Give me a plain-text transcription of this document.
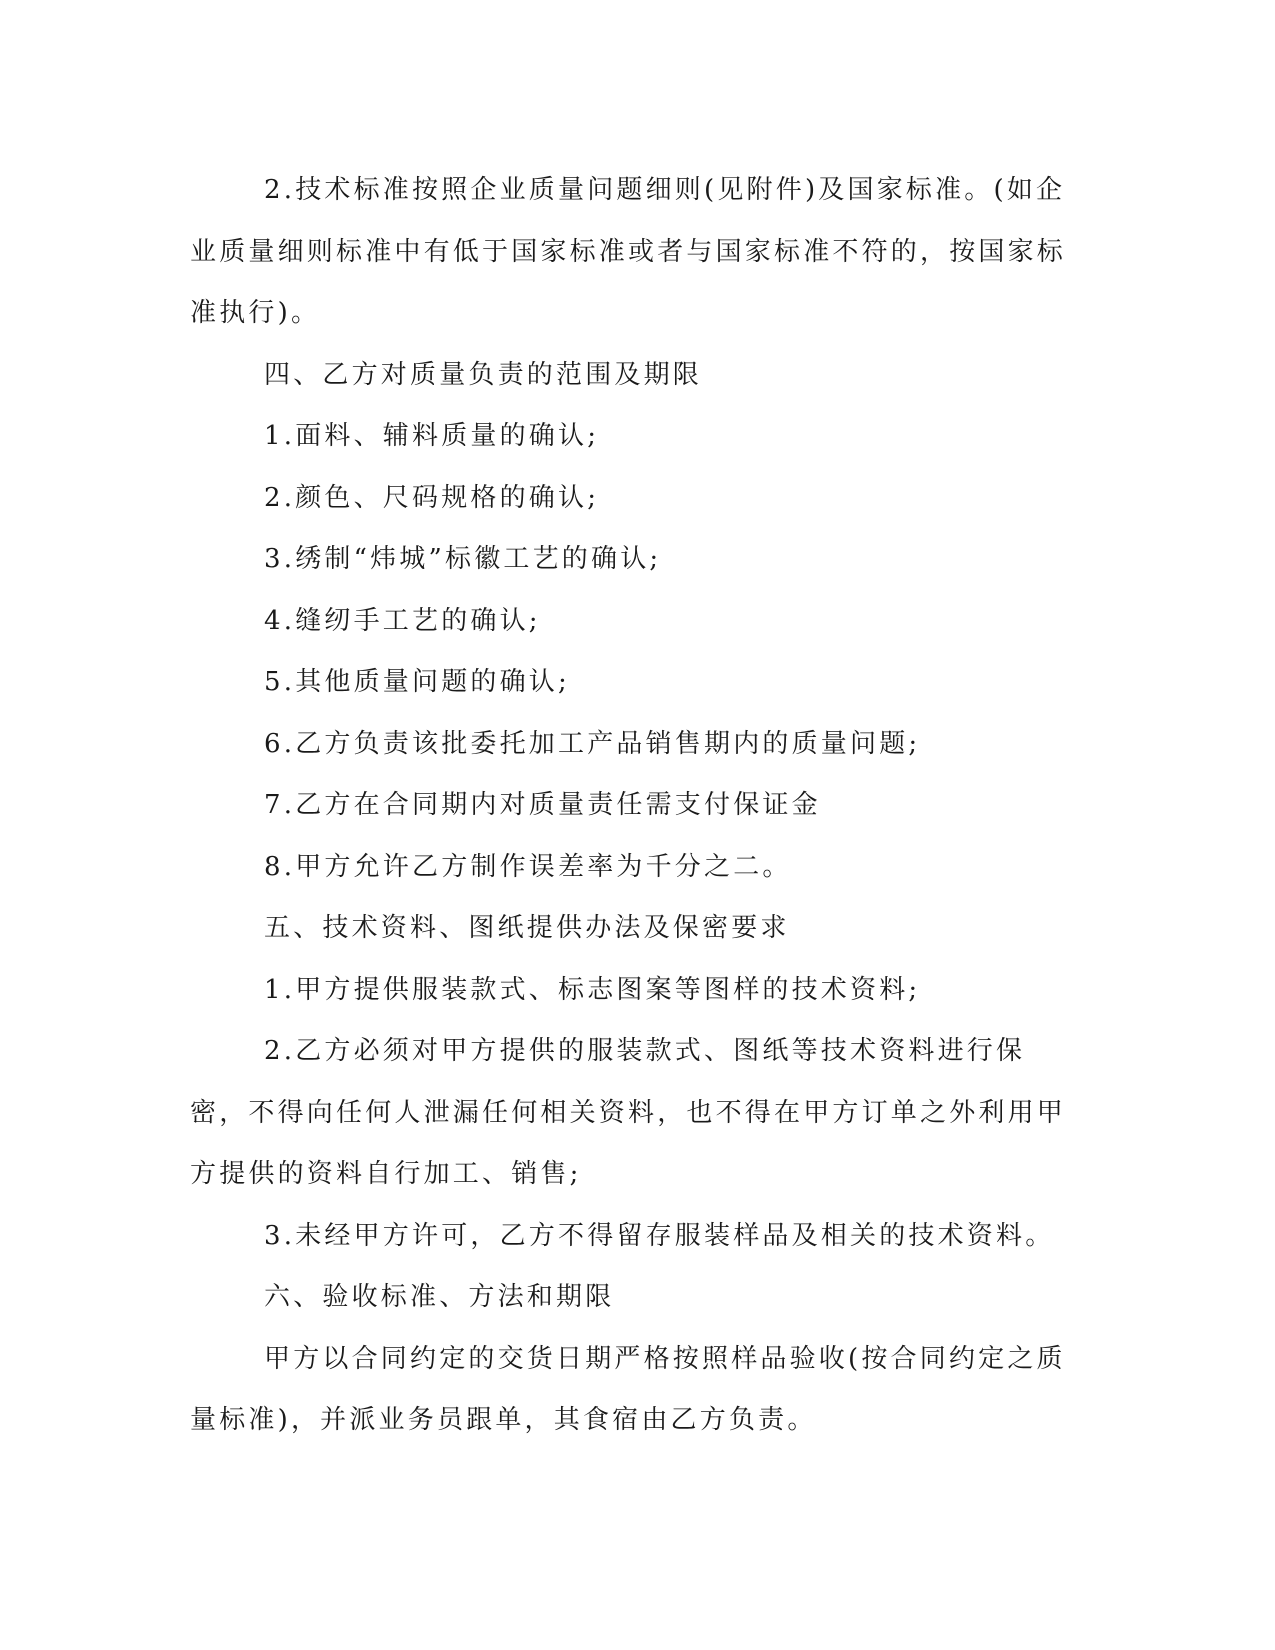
2.技术标准按照企业质量问题细则(见附件)及国家标准。(如企业质量细则标准中有低于国家标准或者与国家标准不符的，按国家标准执行)。

四、乙方对质量负责的范围及期限

1.面料、辅料质量的确认;

2.颜色、尺码规格的确认;

3.绣制“炜城”标徽工艺的确认;

4.缝纫手工艺的确认;

5.其他质量问题的确认;

6.乙方负责该批委托加工产品销售期内的质量问题;

7.乙方在合同期内对质量责任需支付保证金

8.甲方允许乙方制作误差率为千分之二。

五、技术资料、图纸提供办法及保密要求

1.甲方提供服装款式、标志图案等图样的技术资料;

2.乙方必须对甲方提供的服装款式、图纸等技术资料进行保密，不得向任何人泄漏任何相关资料，也不得在甲方订单之外利用甲方提供的资料自行加工、销售;

3.未经甲方许可，乙方不得留存服装样品及相关的技术资料。

六、验收标准、方法和期限

甲方以合同约定的交货日期严格按照样品验收(按合同约定之质量标准)，并派业务员跟单，其食宿由乙方负责。
